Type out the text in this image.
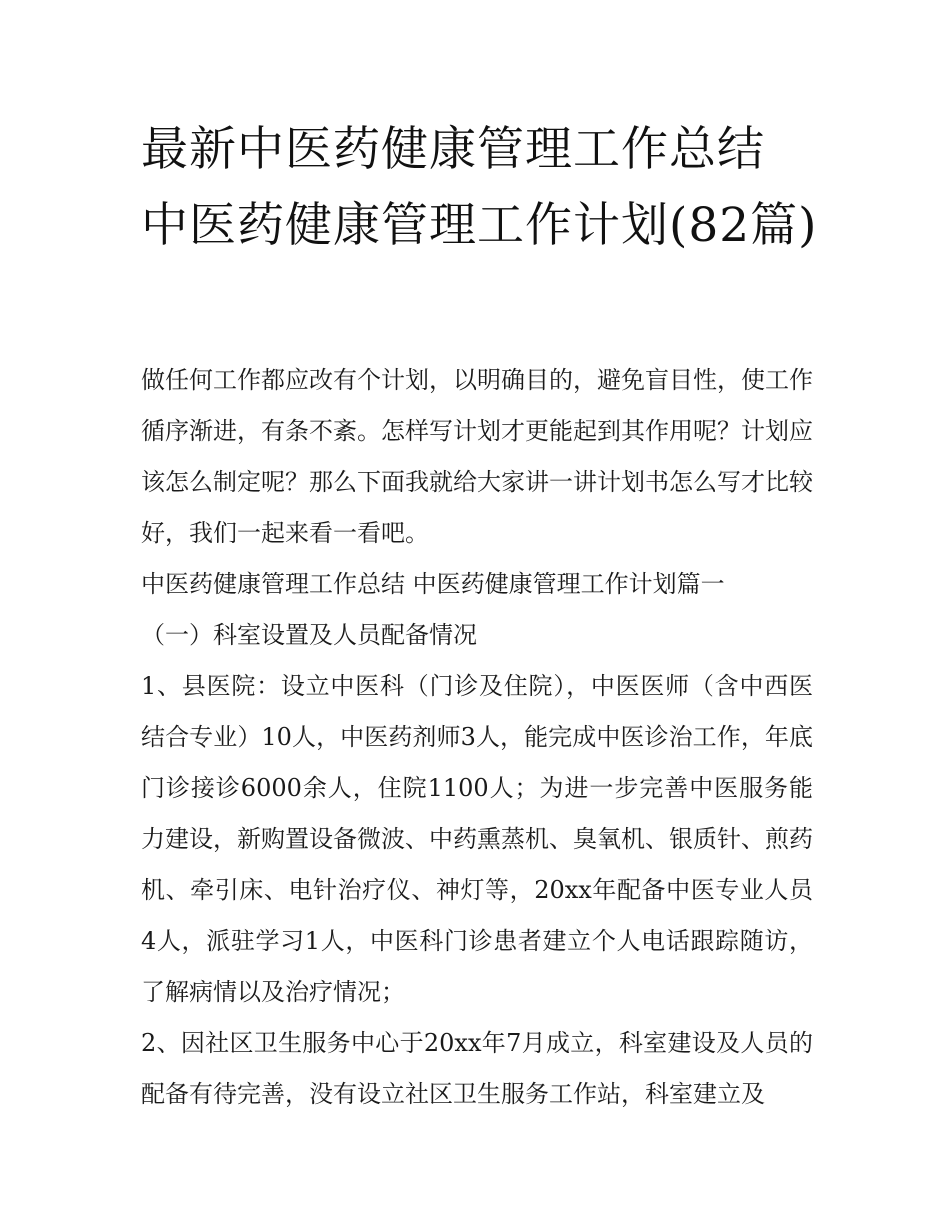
最新中医药健康管理工作总结 中医药健康管理工作计划(82篇)

做任何工作都应改有个计划，以明确目的，避免盲目性，使工作循序渐进，有条不紊。怎样写计划才更能起到其作用呢？计划应该怎么制定呢？那么下面我就给大家讲一讲计划书怎么写才比较好，我们一起来看一看吧。

中医药健康管理工作总结 中医药健康管理工作计划篇一

（一）科室设置及人员配备情况

1、县医院：设立中医科（门诊及住院），中医医师（含中西医结合专业）10人，中医药剂师3人，能完成中医诊治工作，年底门诊接诊6000余人，住院1100人；为进一步完善中医服务能力建设，新购置设备微波、中药熏蒸机、臭氧机、银质针、煎药机、牵引床、电针治疗仪、神灯等，20xx年配备中医专业人员4人，派驻学习1人，中医科门诊患者建立个人电话跟踪随访，了解病情以及治疗情况；

2、因社区卫生服务中心于20xx年7月成立，科室建设及人员的配备有待完善，没有设立社区卫生服务工作站，科室建立及
